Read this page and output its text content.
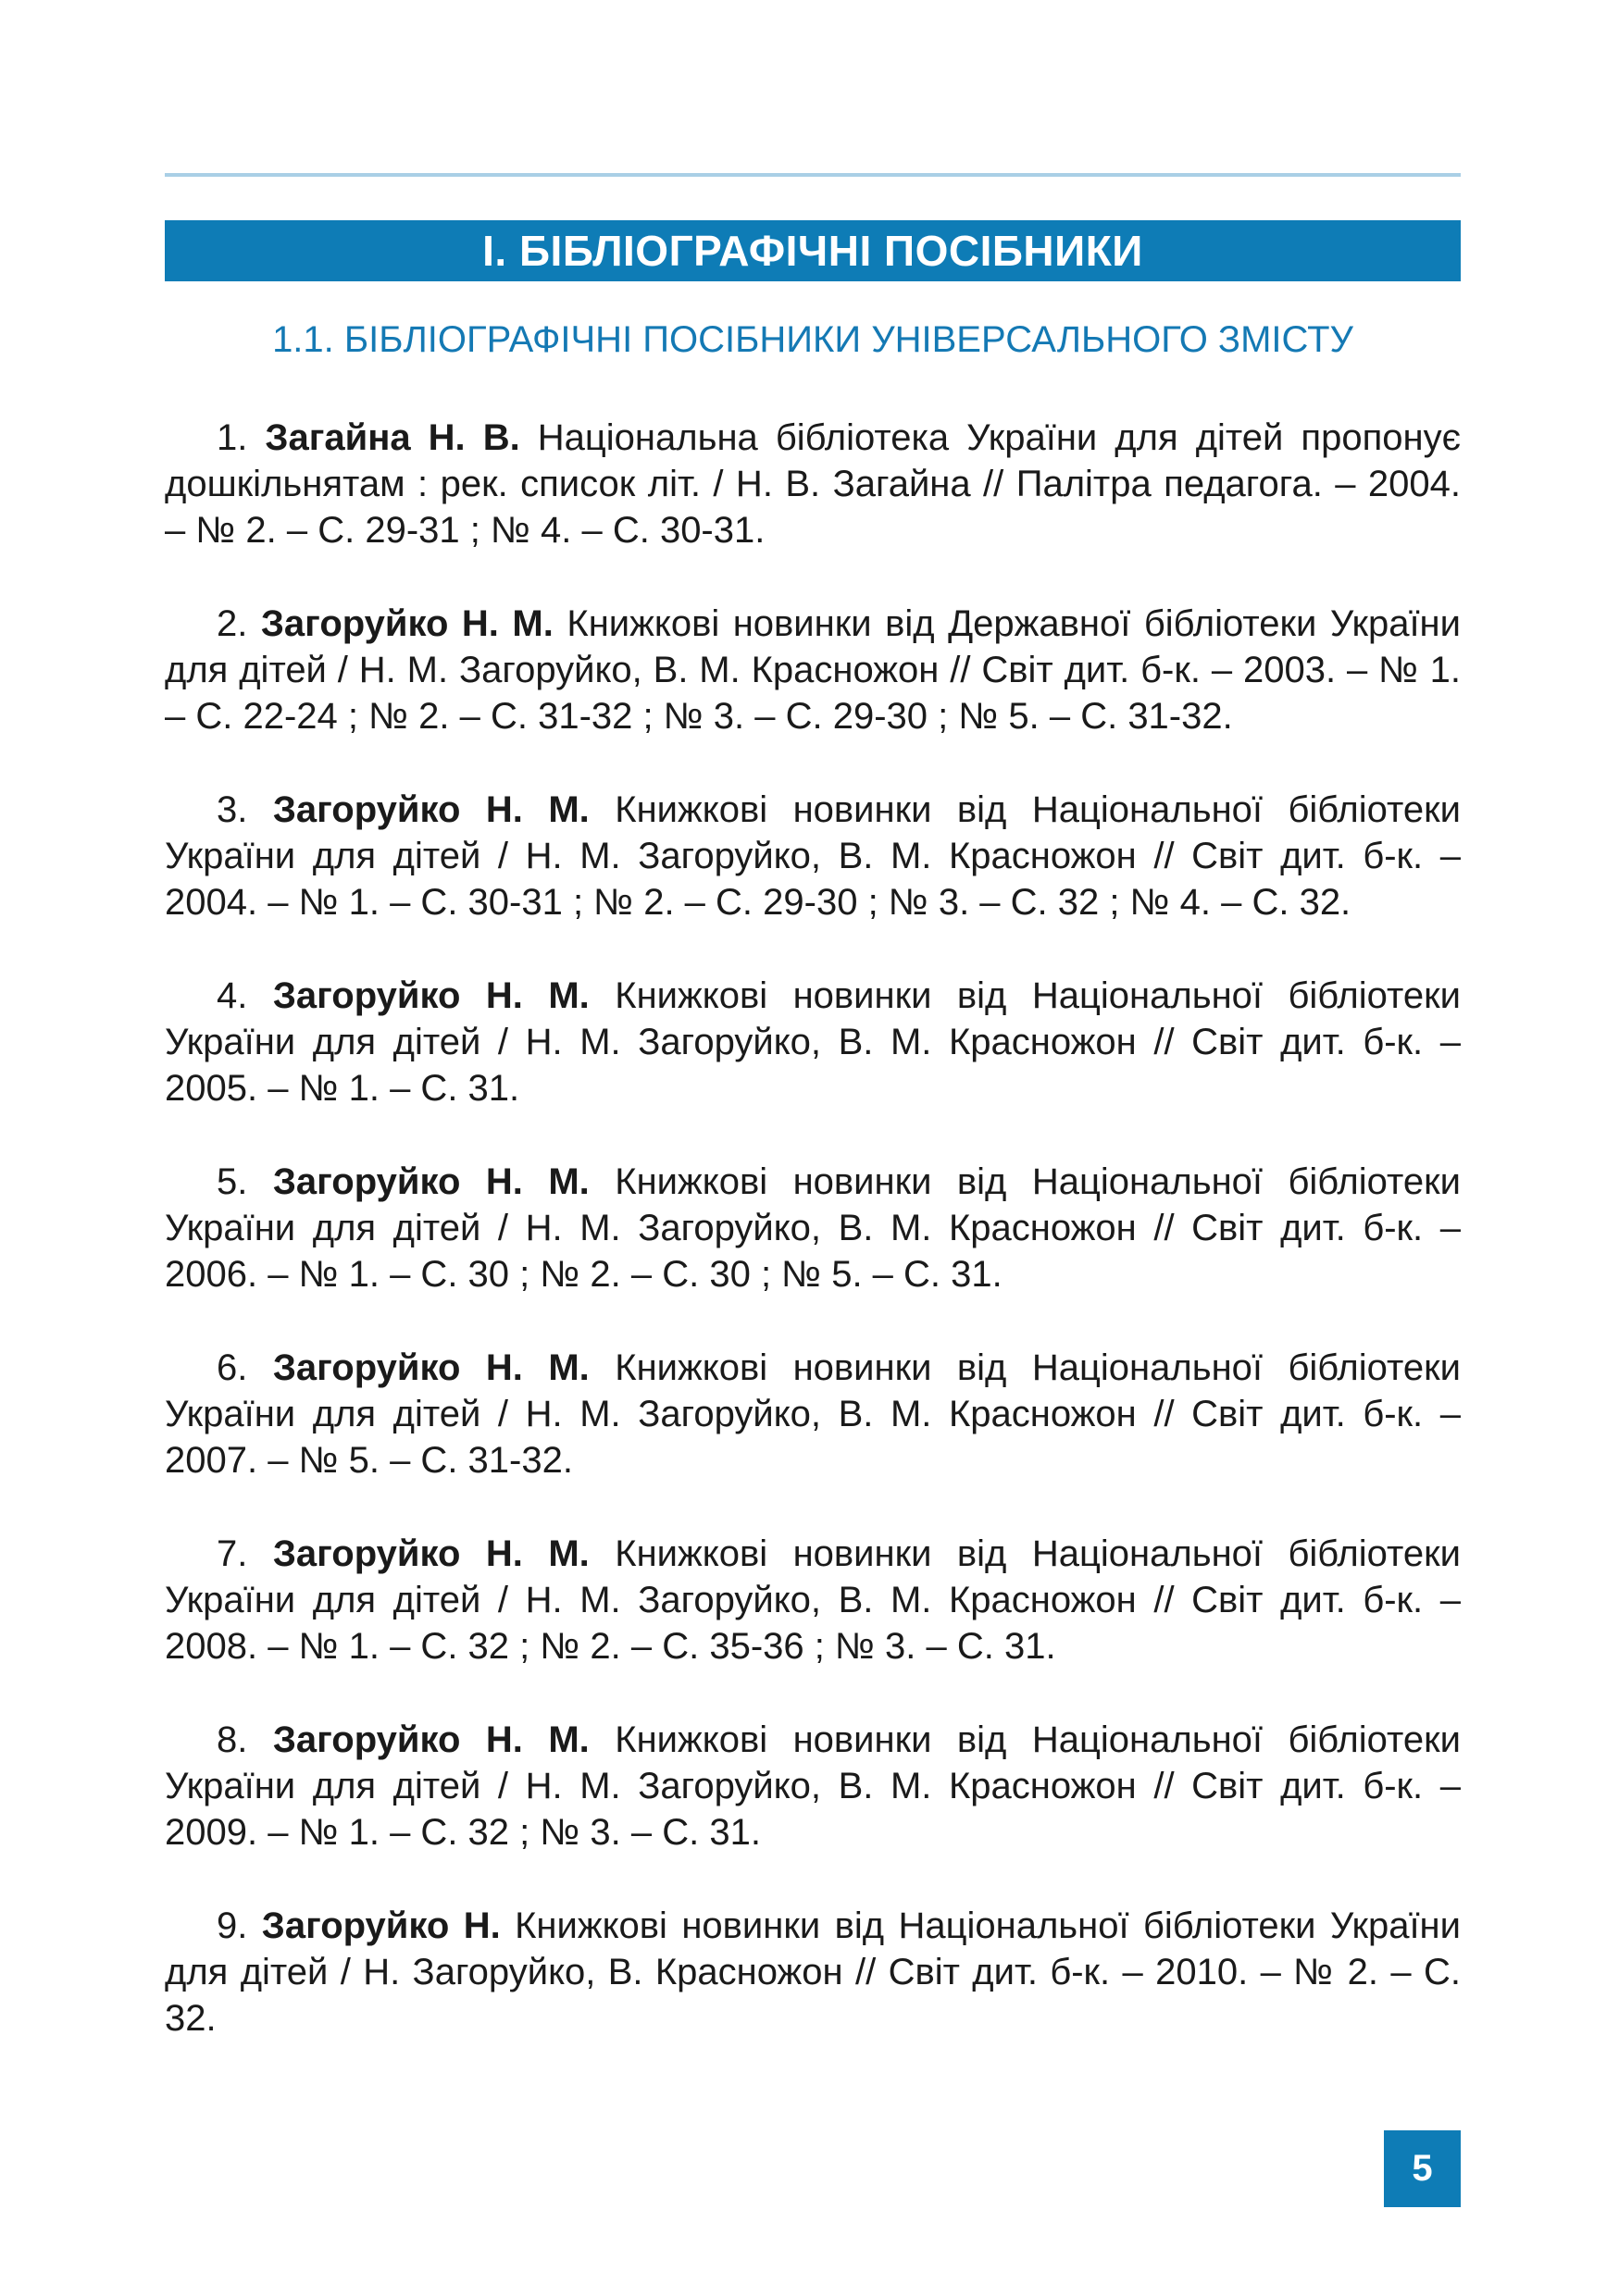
І. БІБЛІОГРАФІЧНІ ПОСІБНИКИ
1.1. БІБЛІОГРАФІЧНІ ПОСІБНИКИ УНІВЕРСАЛЬНОГО ЗМІСТУ

1. Загайна Н. В. Національна бібліотека України для дітей пропонує дошкільнятам : рек. список літ. / Н. В. Загайна // Палітра педагога. – 2004. – № 2. – С. 29-31 ; № 4. – С. 30-31.

2. Загоруйко Н. М. Книжкові новинки від Державної бібліотеки України для дітей / Н. М. Загоруйко, В. М. Красножон // Світ дит. б-к. – 2003. – № 1. – С. 22-24 ; № 2. – С. 31-32 ; № 3. – С. 29-30 ; № 5. – С. 31-32.

3. Загоруйко Н. М. Книжкові новинки від Національної бібліотеки України для дітей / Н. М. Загоруйко, В. М. Красножон // Світ дит. б-к. – 2004. – № 1. – С. 30-31 ; № 2. – С. 29-30 ; № 3. – С. 32 ; № 4. – С. 32.

4. Загоруйко Н. М. Книжкові новинки від Національної бібліотеки України для дітей / Н. М. Загоруйко, В. М. Красножон // Світ дит. б-к. – 2005. – № 1. – С. 31.

5. Загоруйко Н. М. Книжкові новинки від Національної бібліотеки України для дітей / Н. М. Загоруйко, В. М. Красножон // Світ дит. б-к. – 2006. – № 1. – С. 30 ; № 2. – С. 30 ; № 5. – С. 31.

6. Загоруйко Н. М. Книжкові новинки від Національної бібліотеки України для дітей / Н. М. Загоруйко, В. М. Красножон // Світ дит. б-к. – 2007. – № 5. – С. 31-32.

7. Загоруйко Н. М. Книжкові новинки від Національної бібліотеки України для дітей / Н. М. Загоруйко, В. М. Красножон // Світ дит. б-к. – 2008. – № 1. – С. 32 ; № 2. – С. 35-36 ; № 3. – С. 31.

8. Загоруйко Н. М. Книжкові новинки від Національної бібліотеки України для дітей / Н. М. Загоруйко, В. М. Красножон // Світ дит. б-к. – 2009. – № 1. – С. 32 ; № 3. – С. 31.

9. Загоруйко Н. Книжкові новинки від Національної бібліотеки України для дітей / Н. Загоруйко, В. Красножон // Світ дит. б-к. – 2010. – № 2. – С. 32.

5
